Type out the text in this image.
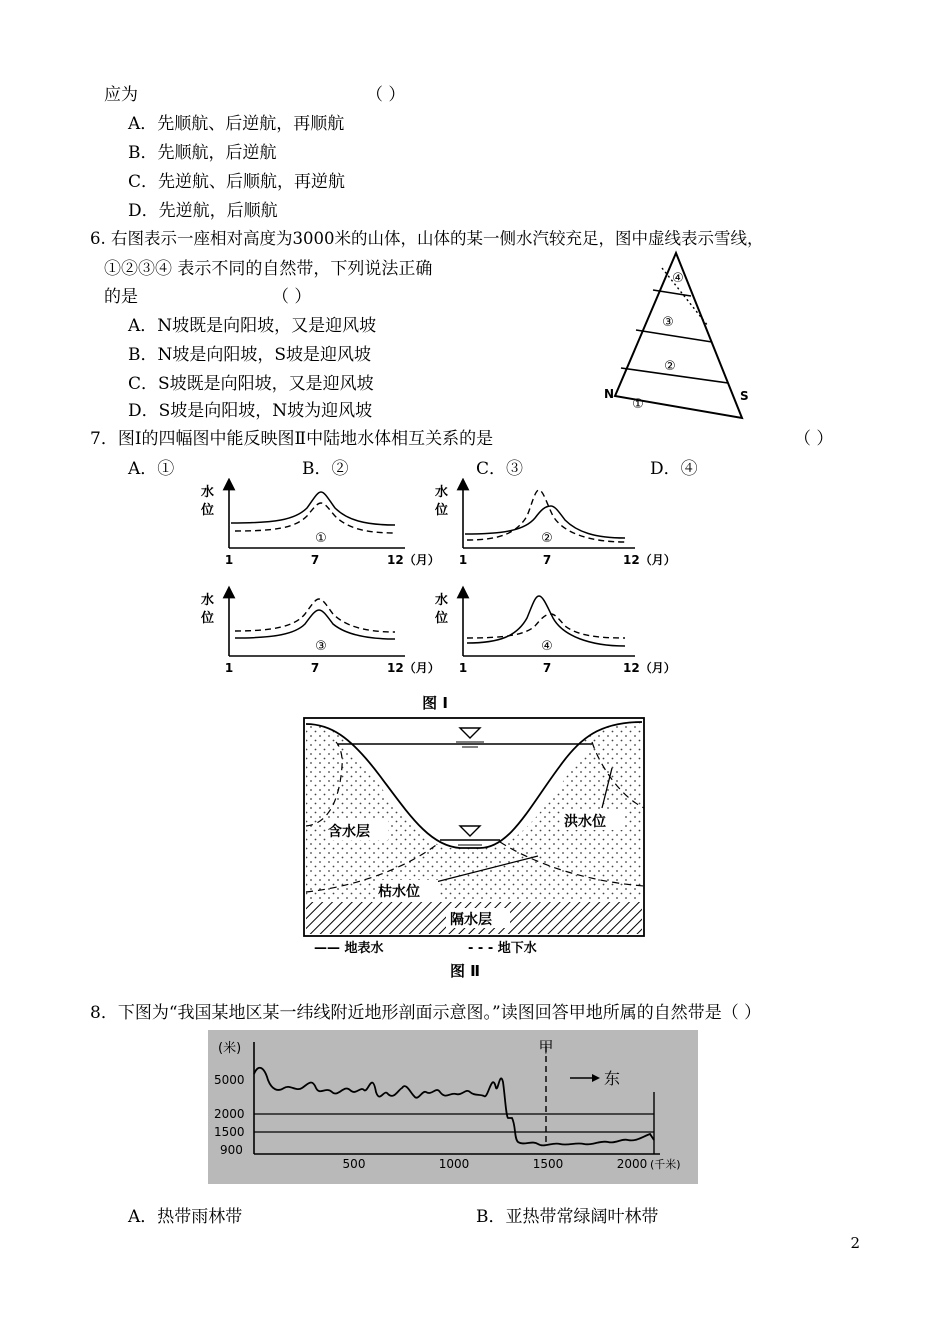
应为	（ ）
A．先顺航、后逆航，再顺航
B．先顺航，后逆航
C．先逆航、后顺航，再逆航
D．先逆航，后顺航
6. 右图表示一座相对高度为3000米的山体，山体的某一侧水汽较充足，图中虚线表示雪线，
①②③④ 表示不同的自然带，下列说法正确
的是	（ ）
A．N坡既是向阳坡，又是迎风坡
B．N坡是向阳坡，S坡是迎风坡
C．S坡既是向阳坡，又是迎风坡
D．S坡是向阳坡，N坡为迎风坡
④
③
②
①
N	S
7．图Ⅰ的四幅图中能反映图Ⅱ中陆地水体相互关系的是	（ ）
A．①	B．②	C．③	D．④
水
位
①
1	7	12（月）
水
位
②
1	7	12（月）
水
位
③
1	7	12（月）
水
位
④
1	7	12（月）
图 Ⅰ
含水层
洪水位
枯水位
隔水层
—— 地表水	- - - 地下水
图 Ⅱ
8．下图为“我国某地区某一纬线附近地形剖面示意图。”读图回答甲地所属的自然带是（ ）
甲
东
(米)
5000
2000
1500
900
500	1000	1500	2000 (千米)
A．热带雨林带	B．亚热带常绿阔叶林带
2
